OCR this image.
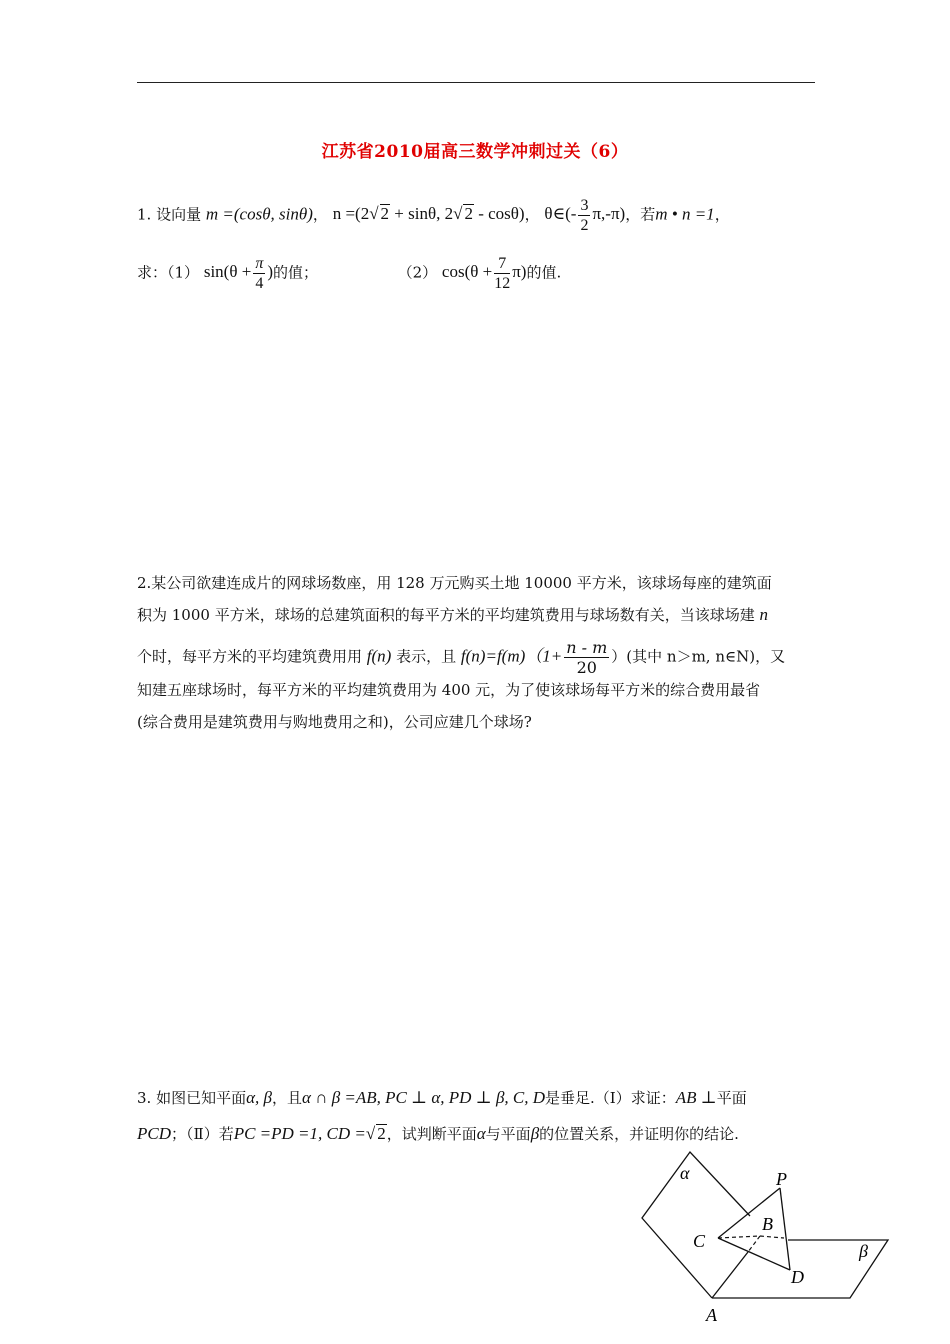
江苏省2010届高三数学冲刺过关（6）
1. 设向量 m =(cosθ, sinθ)， n =(2√ 2 + sinθ, 2√ 2 - cosθ)， θ∈(- $\frac{3}{2} \pi,-\pi$)，若m • n =1，
求：（1） $\sin(\theta + \frac{\pi}{4}$ )的值；	（2） $\cos(\theta + \frac{7}{12} \pi)$的值.
2.某公司欲建连成片的网球场数座，用 128 万元购买土地 10000 平方米，该球场每座的建筑面
积为 1000 平方米，球场的总建筑面积的每平方米的平均建筑费用与球场数有关，当该球场建 n
个时，每平方米的平均建筑费用用 f(n) 表示，且 $f(n)=f(m)(1+ \frac{n - m}{20}$ ）(其中 n＞m, n∈N)，又
知建五座球场时，每平方米的平均建筑费用为 400 元，为了使该球场每平方米的综合费用最省
(综合费用是建筑费用与购地费用之和)，公司应建几个球场?
3. 如图已知平面α, β，且α ∩ β =AB, PC ⊥ α, PD ⊥ β, C, D是垂足.（Ⅰ）求证：AB ⊥平面
PCD；（Ⅱ）若PC =PD =1, CD =√ 2，试判断平面α与平面β的位置关系，并证明你的结论.
α	P
B
C	β
D
A
